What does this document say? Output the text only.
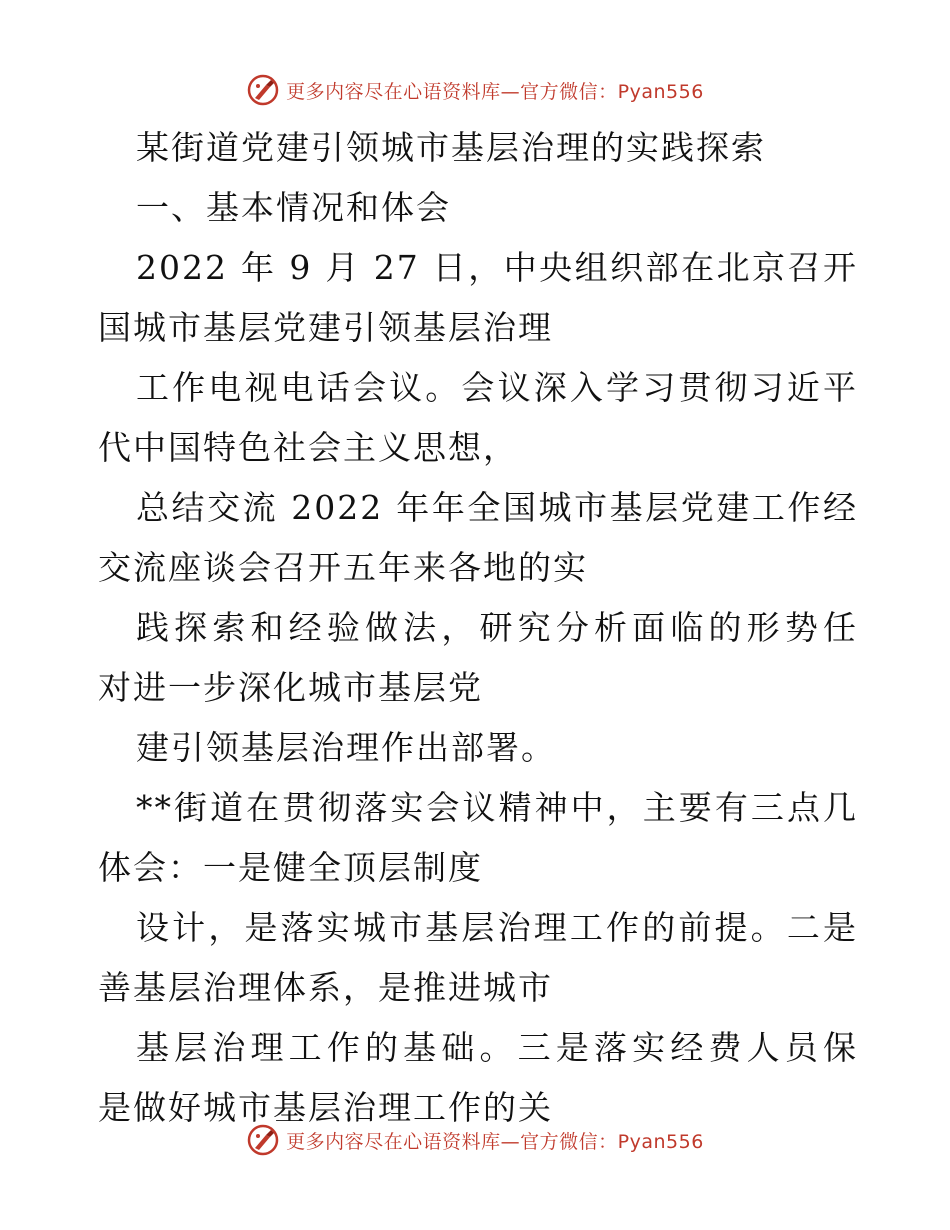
更多内容尽在心语资料库—官方微信：Pyan556
某街道党建引领城市基层治理的实践探索
一、基本情况和体会
2022 年 9 月 27 日，中央组织部在北京召开
国城市基层党建引领基层治理
工作电视电话会议。会议深入学习贯彻习近平
代中国特色社会主义思想，
总结交流 2022 年年全国城市基层党建工作经
交流座谈会召开五年来各地的实
践探索和经验做法，研究分析面临的形势任
对进一步深化城市基层党
建引领基层治理作出部署。
**街道在贯彻落实会议精神中，主要有三点几
体会：一是健全顶层制度
设计，是落实城市基层治理工作的前提。二是
善基层治理体系，是推进城市
基层治理工作的基础。三是落实经费人员保
是做好城市基层治理工作的关
更多内容尽在心语资料库—官方微信：Pyan556
